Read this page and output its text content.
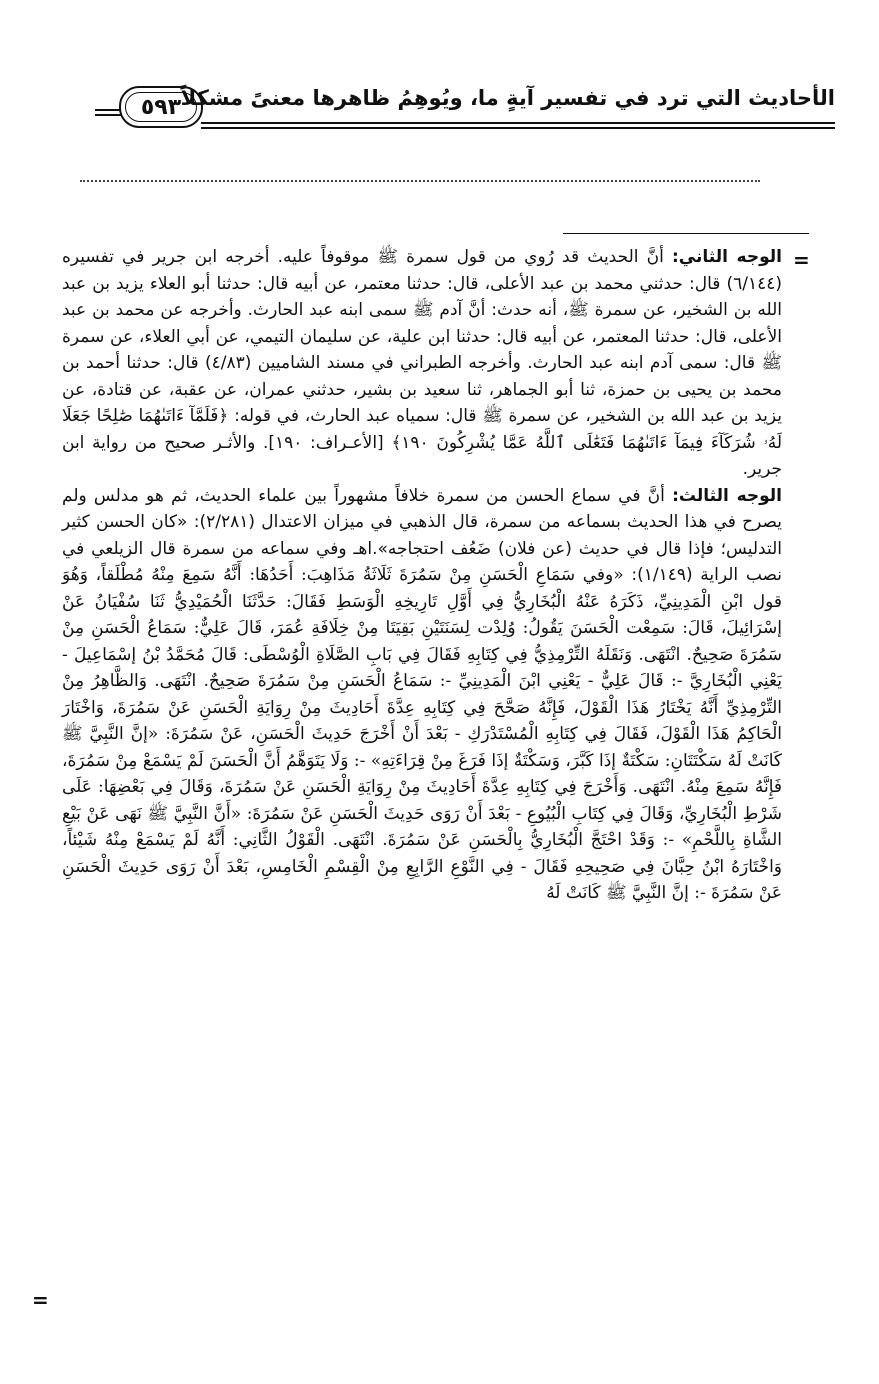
الأحاديث التي ترد في تفسير آيةٍ ما، ويُوهِمُ ظاهرها معنىً مشكلاً
٥٩٣
=

الوجه الثاني: أنَّ الحديث قد رُوي من قول سمرة ﷺ موقوفاً عليه. أخرجه ابن جرير في تفسيره (٦/١٤٤) قال: حدثني محمد بن عبد الأعلى، قال: حدثنا معتمر، عن أبيه قال: حدثنا أبو العلاء يزيد بن عبد الله بن الشخير، عن سمرة ﷺ، أنه حدث: أنَّ آدم ﷺ سمى ابنه عبد الحارث. وأخرجه عن محمد بن عبد الأعلى، قال: حدثنا المعتمر، عن أبيه قال: حدثنا ابن علية، عن سليمان التيمي، عن أبي العلاء، عن سمرة ﷺ قال: سمى آدم ابنه عبد الحارث. وأخرجه الطبراني في مسند الشاميين (٤/٨٣) قال: حدثنا أحمد بن محمد بن يحيى بن حمزة، ثنا أبو الجماهر، ثنا سعيد بن بشير، حدثني عمران، عن عقبة، عن قتادة، عن يزيد بن عبد الله بن الشخير، عن سمرة ﷺ قال: سمياه عبد الحارث، في قوله: ﴿فَلَمَّآ ءَاتَىٰهُمَا صَٰلِحًا جَعَلَا لَهُۥ شُرَكَآءَ فِيمَآ ءَاتَىٰهُمَا فَتَعَٰلَى ٱللَّهُ عَمَّا يُشْرِكُونَ ١٩٠﴾ [الأعـراف: ١٩٠]. والأثـر صحيح من رواية ابن جرير.

الوجه الثالث: أنَّ في سماع الحسن من سمرة خلافاً مشهوراً بين علماء الحديث، ثم هو مدلس ولم يصرح في هذا الحديث بسماعه من سمرة، قال الذهبي في ميزان الاعتدال (٢/٢٨١): «كان الحسن كثير التدليس؛ فإذا قال في حديث (عن فلان) ضَعُف احتجاجه».اهـ وفي سماعه من سمرة قال الزيلعي في نصب الراية (١/١٤٩): «وفي سَمَاعِ الْحَسَنِ مِنْ سَمُرَةَ ثَلَاثَةُ مَذَاهِبَ: أَحَدُهَا: أَنَّهُ سَمِعَ مِنْهُ مُطْلَقاً، وَهُوَ قول ابْنِ الْمَدِينِيِّ، ذَكَرَهُ عَنْهُ الْبُخَارِيُّ فِي أَوَّلِ تَارِيخِهِ الْوَسَطِ فَقَالَ: حَدَّثَنَا الْحُمَيْدِيُّ ثَنَا سُفْيَانُ عَنْ إسْرَائِيلَ، قَالَ: سَمِعْت الْحَسَنَ يَقُولُ: وُلِدْت لِسَنَتَيْنِ بَقِيَتَا مِنْ خِلَافَةِ عُمَرَ، قَالَ عَلِيٌّ: سَمَاعُ الْحَسَنِ مِنْ سَمُرَةَ صَحِيحٌ. انْتَهَى. وَنَقَلَهُ التِّرْمِذِيُّ فِي كِتَابِهِ فَقَالَ فِي بَابِ الصَّلَاةِ الْوُسْطَى: قَالَ مُحَمَّدُ بْنُ إسْمَاعِيلَ - يَعْنِي الْبُخَارِيَّ -: قَالَ عَلِيٌّ - يَعْنِي ابْنَ الْمَدِينِيِّ -: سَمَاعُ الْحَسَنِ مِنْ سَمُرَةَ صَحِيحٌ. انْتَهَى. وَالظَّاهِرُ مِنْ التِّرْمِذِيِّ أَنَّهُ يَخْتَارُ هَذَا الْقَوْلَ، فَإِنَّهُ صَحَّحَ فِي كِتَابِهِ عِدَّةَ أَحَادِيثَ مِنْ رِوَايَةِ الْحَسَنِ عَنْ سَمُرَةَ، وَاخْتَارَ الْحَاكِمُ هَذَا الْقَوْلَ، فَقَالَ فِي كِتَابِهِ الْمُسْتَدْرَكِ - بَعْدَ أَنْ أَخْرَجَ حَدِيثَ الْحَسَنِ، عَنْ سَمُرَةَ: «إنَّ النَّبِيَّ ﷺ كَانَتْ لَهُ سَكْتَتَانِ: سَكْتَةٌ إذَا كَبَّرَ، وَسَكْتَةٌ إذَا فَرَغَ مِنْ قِرَاءَتِهِ» -: وَلَا يَتَوَهَّمُ أَنَّ الْحَسَنَ لَمْ يَسْمَعْ مِنْ سَمُرَةَ، فَإِنَّهُ سَمِعَ مِنْهُ. انْتَهَى. وَأَخْرَجَ فِي كِتَابِهِ عِدَّةَ أَحَادِيثَ مِنْ رِوَايَةِ الْحَسَنِ عَنْ سَمُرَةَ، وَقَالَ فِي بَعْضِهَا: عَلَى شَرْطِ الْبُخَارِيِّ، وَقَالَ فِي كِتَابِ الْبُيُوعِ - بَعْدَ أَنْ رَوَى حَدِيثَ الْحَسَنِ عَنْ سَمُرَةَ: «أَنَّ النَّبِيَّ ﷺ نَهَى عَنْ بَيْعِ الشَّاةِ بِاللَّحْمِ» -: وَقَدْ احْتَجَّ الْبُخَارِيُّ بِالْحَسَنِ عَنْ سَمُرَةَ. انْتَهَى. الْقَوْلُ الثَّانِي: أَنَّهُ لَمْ يَسْمَعْ مِنْهُ شَيْئاً، وَاخْتَارَهُ ابْنُ حِبَّانَ فِي صَحِيحِهِ فَقَالَ - فِي النَّوْعِ الرَّابِعِ مِنْ الْقِسْمِ الْخَامِسِ، بَعْدَ أَنْ رَوَى حَدِيثَ الْحَسَنِ عَنْ سَمُرَةَ -: إنَّ النَّبِيَّ ﷺ كَانَتْ لَهُ

=
